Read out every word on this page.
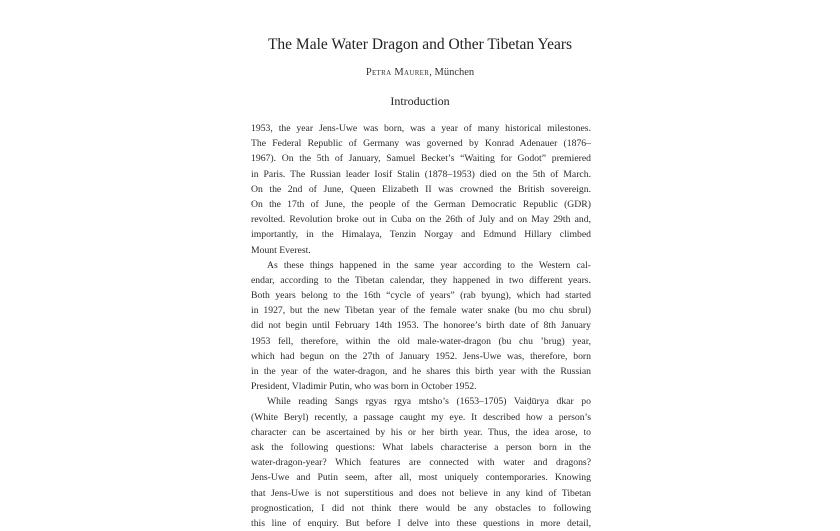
The Male Water Dragon and Other Tibetan Years
Petra Maurer, München
Introduction
1953, the year Jens-Uwe was born, was a year of many historical milestones.
The Federal Republic of Germany was governed by Konrad Adenauer (1876–
1967). On the 5th of January, Samuel Becket’s “Waiting for Godot” premiered
in Paris. The Russian leader Iosif Stalin (1878–1953) died on the 5th of March.
On the 2nd of June, Queen Elizabeth II was crowned the British sovereign.
On the 17th of June, the people of the German Democratic Republic (GDR)
revolted. Revolution broke out in Cuba on the 26th of July and on May 29th and,
importantly, in the Himalaya, Tenzin Norgay and Edmund Hillary climbed
Mount Everest.
As these things happened in the same year according to the Western cal-
endar, according to the Tibetan calendar, they happened in two different years.
Both years belong to the 16th “cycle of years” (rab byung), which had started
in 1927, but the new Tibetan year of the female water snake (bu mo chu sbrul)
did not begin until February 14th 1953. The honoree’s birth date of 8th January
1953 fell, therefore, within the old male-water-dragon (bu chu ’brug) year,
which had begun on the 27th of January 1952. Jens-Uwe was, therefore, born
in the year of the water-dragon, and he shares this birth year with the Russian
President, Vladimir Putin, who was born in October 1952.
While reading Sangs rgyas rgya mtsho’s (1653–1705) Vaiḍūrya dkar po
(White Beryl) recently, a passage caught my eye. It described how a person’s
character can be ascertained by his or her birth year. Thus, the idea arose, to
ask the following questions: What labels characterise a person born in the
water-dragon-year? Which features are connected with water and dragons?
Jens-Uwe and Putin seem, after all, most uniquely contemporaries. Knowing
that Jens-Uwe is not superstitious and does not believe in any kind of Tibetan
prognostication, I did not think there would be any obstacles to following
this line of enquiry. But before I delve into these questions in more detail,
